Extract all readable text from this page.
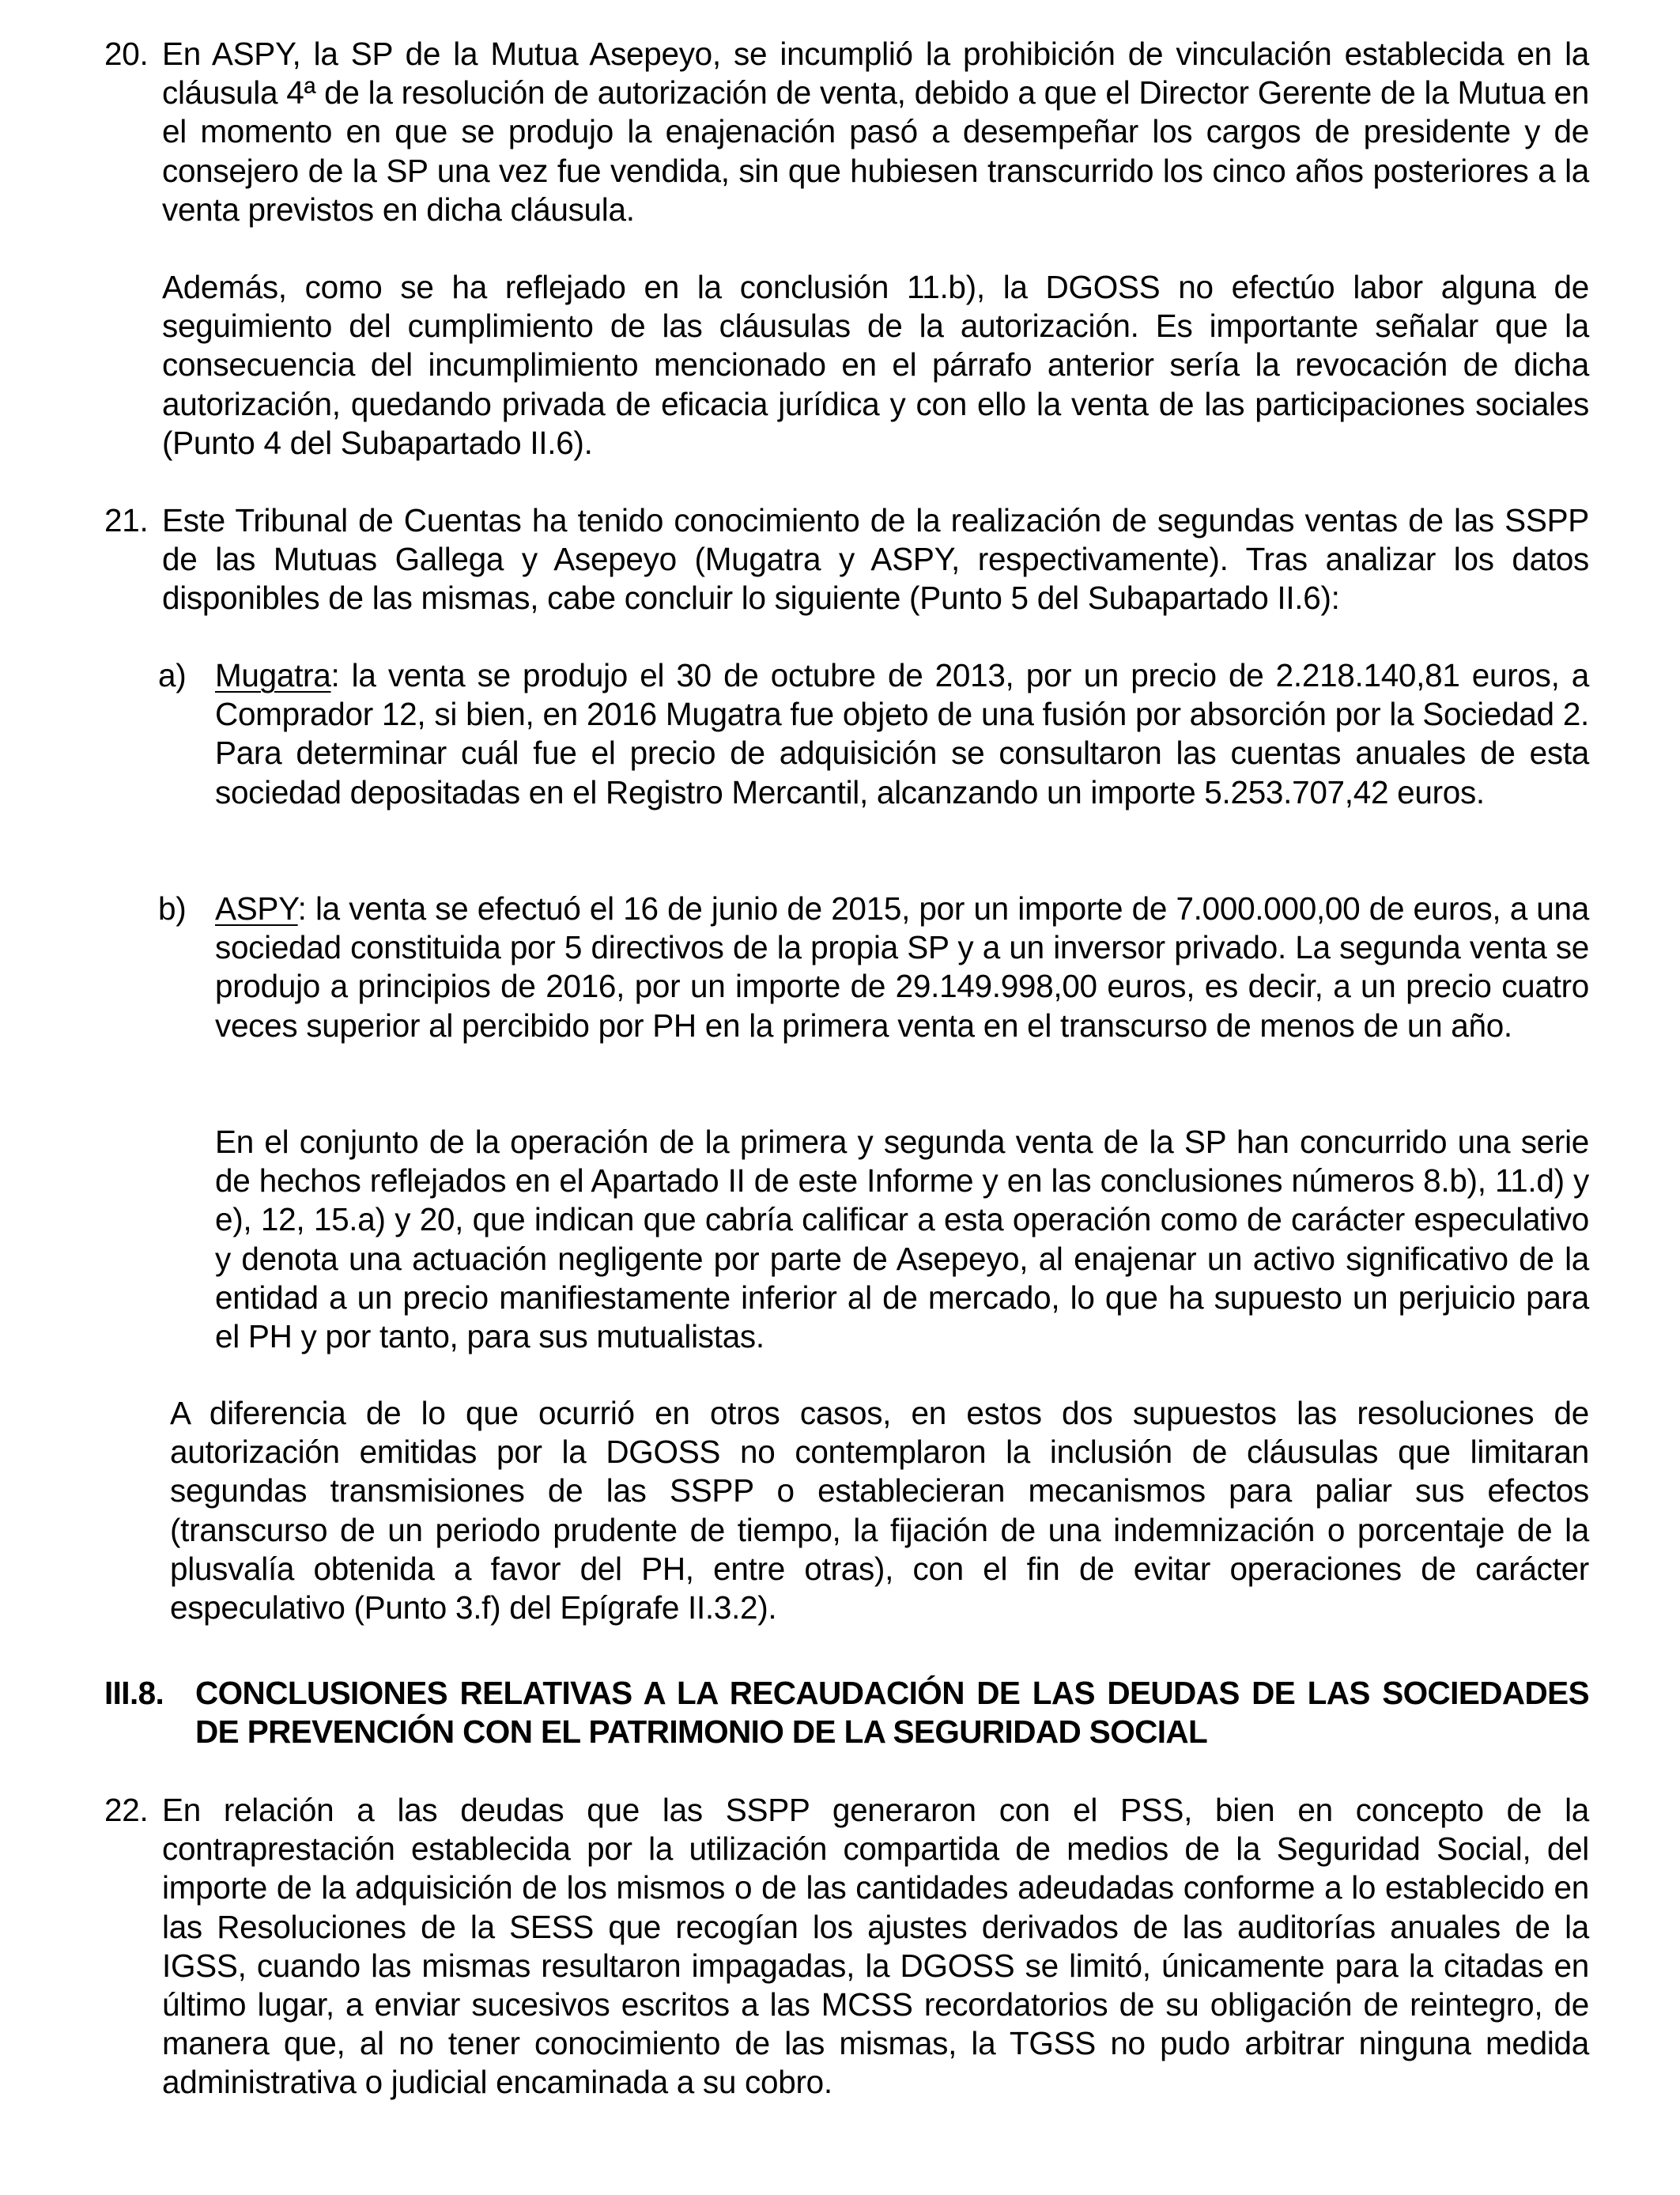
20. En ASPY, la SP de la Mutua Asepeyo, se incumplió la prohibición de vinculación establecida en la cláusula 4ª de la resolución de autorización de venta, debido a que el Director Gerente de la Mutua en el momento en que se produjo la enajenación pasó a desempeñar los cargos de presidente y de consejero de la SP una vez fue vendida, sin que hubiesen transcurrido los cinco años posteriores a la venta previstos en dicha cláusula.
Además, como se ha reflejado en la conclusión 11.b), la DGOSS no efectúo labor alguna de seguimiento del cumplimiento de las cláusulas de la autorización. Es importante señalar que la consecuencia del incumplimiento mencionado en el párrafo anterior sería la revocación de dicha autorización, quedando privada de eficacia jurídica y con ello la venta de las participaciones sociales (Punto 4 del Subapartado II.6).
21. Este Tribunal de Cuentas ha tenido conocimiento de la realización de segundas ventas de las SSPP de las Mutuas Gallega y Asepeyo (Mugatra y ASPY, respectivamente). Tras analizar los datos disponibles de las mismas, cabe concluir lo siguiente (Punto 5 del Subapartado II.6):
a) Mugatra: la venta se produjo el 30 de octubre de 2013, por un precio de 2.218.140,81 euros, a Comprador 12, si bien, en 2016 Mugatra fue objeto de una fusión por absorción por la Sociedad 2. Para determinar cuál fue el precio de adquisición se consultaron las cuentas anuales de esta sociedad depositadas en el Registro Mercantil, alcanzando un importe 5.253.707,42 euros.
b) ASPY: la venta se efectuó el 16 de junio de 2015, por un importe de 7.000.000,00 de euros, a una sociedad constituida por 5 directivos de la propia SP y a un inversor privado. La segunda venta se produjo a principios de 2016, por un importe de 29.149.998,00 euros, es decir, a un precio cuatro veces superior al percibido por PH en la primera venta en el transcurso de menos de un año.
En el conjunto de la operación de la primera y segunda venta de la SP han concurrido una serie de hechos reflejados en el Apartado II de este Informe y en las conclusiones números 8.b), 11.d) y e), 12, 15.a) y 20, que indican que cabría calificar a esta operación como de carácter especulativo y denota una actuación negligente por parte de Asepeyo, al enajenar un activo significativo de la entidad a un precio manifiestamente inferior al de mercado, lo que ha supuesto un perjuicio para el PH y por tanto, para sus mutualistas.
A diferencia de lo que ocurrió en otros casos, en estos dos supuestos las resoluciones de autorización emitidas por la DGOSS no contemplaron la inclusión de cláusulas que limitaran segundas transmisiones de las SSPP o establecieran mecanismos para paliar sus efectos (transcurso de un periodo prudente de tiempo, la fijación de una indemnización o porcentaje de la plusvalía obtenida a favor del PH, entre otras), con el fin de evitar operaciones de carácter especulativo (Punto 3.f) del Epígrafe II.3.2).
III.8. CONCLUSIONES RELATIVAS A LA RECAUDACIÓN DE LAS DEUDAS DE LAS SOCIEDADES DE PREVENCIÓN CON EL PATRIMONIO DE LA SEGURIDAD SOCIAL
22. En relación a las deudas que las SSPP generaron con el PSS, bien en concepto de la contraprestación establecida por la utilización compartida de medios de la Seguridad Social, del importe de la adquisición de los mismos o de las cantidades adeudadas conforme a lo establecido en las Resoluciones de la SESS que recogían los ajustes derivados de las auditorías anuales de la IGSS, cuando las mismas resultaron impagadas, la DGOSS se limitó, únicamente para la citadas en último lugar, a enviar sucesivos escritos a las MCSS recordatorios de su obligación de reintegro, de manera que, al no tener conocimiento de las mismas, la TGSS no pudo arbitrar ninguna medida administrativa o judicial encaminada a su cobro.
